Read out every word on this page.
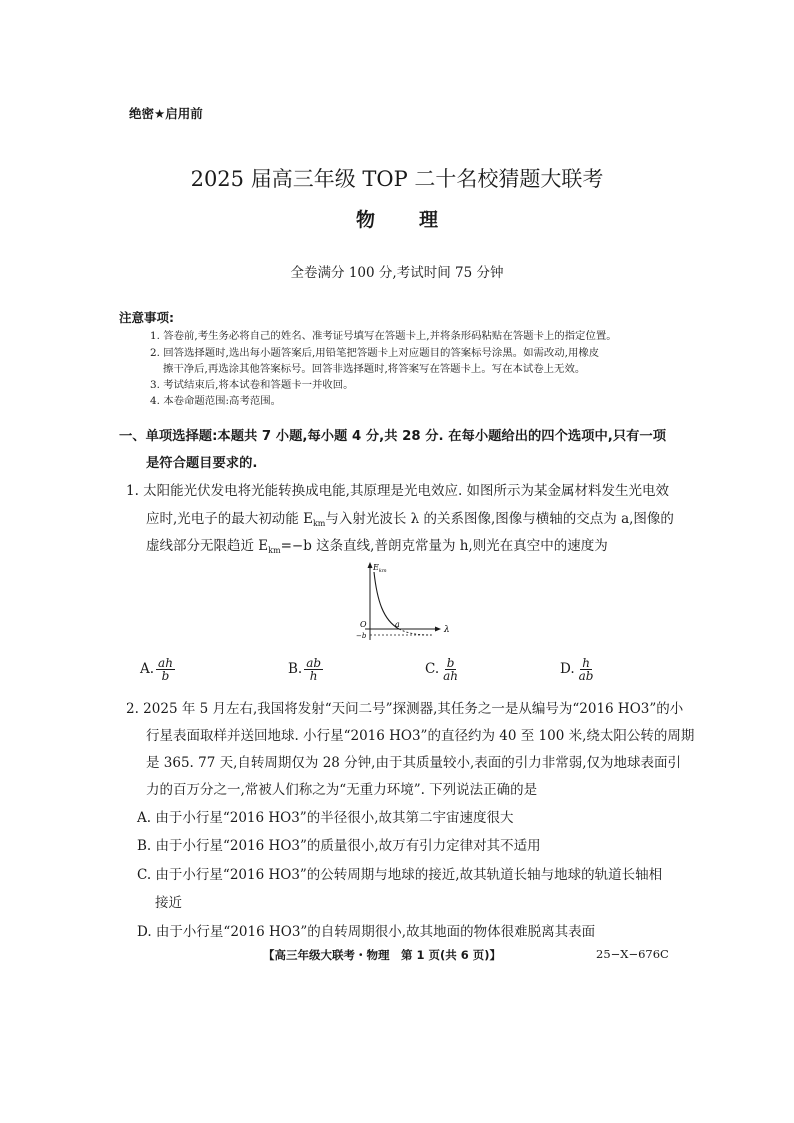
绝密★启用前
2025 届高三年级 TOP 二十名校猜题大联考
物理
全卷满分 100 分,考试时间 75 分钟
注意事项:
1. 答卷前,考生务必将自己的姓名、准考证号填写在答题卡上,并将条形码粘贴在答题卡上的指定位置。
2. 回答选择题时,选出每小题答案后,用铅笔把答题卡上对应题目的答案标号涂黑。如需改动,用橡皮
擦干净后,再选涂其他答案标号。回答非选择题时,将答案写在答题卡上。写在本试卷上无效。
3. 考试结束后,将本试卷和答题卡一并收回。
4. 本卷命题范围:高考范围。
一、单项选择题:本题共 7 小题,每小题 4 分,共 28 分. 在每小题给出的四个选项中,只有一项
是符合题目要求的.
1. 太阳能光伏发电将光能转换成电能,其原理是光电效应. 如图所示为某金属材料发生光电效
应时,光电子的最大初动能 $E_{km}$与入射光波长 λ 的关系图像,图像与横轴的交点为 a,图像的
虚线部分无限趋近 $E_{km}=-b$ 这条直线,普朗克常量为 h,则光在真空中的速度为
$E_{km}$
λ
O
−b
a
A. $\frac{ah}{b}$	B. $\frac{ab}{h}$	C. $\frac{b}{ah}$	D. $\frac{h}{ab}$
2. 2025 年 5 月左右,我国将发射“天问二号”探测器,其任务之一是从编号为“2016 HO3”的小
行星表面取样并送回地球. 小行星“2016 HO3”的直径约为 40 至 100 米,绕太阳公转的周期
是 365. 77 天,自转周期仅为 28 分钟,由于其质量较小,表面的引力非常弱,仅为地球表面引
力的百万分之一,常被人们称之为“无重力环境”. 下列说法正确的是
A. 由于小行星“2016 HO3”的半径很小,故其第二宇宙速度很大
B. 由于小行星“2016 HO3”的质量很小,故万有引力定律对其不适用
C. 由于小行星“2016 HO3”的公转周期与地球的接近,故其轨道长轴与地球的轨道长轴相
接近
D. 由于小行星“2016 HO3”的自转周期很小,故其地面的物体很难脱离其表面
【高三年级大联考・物理　第 1 页(共 6 页)】	25−X−676C
